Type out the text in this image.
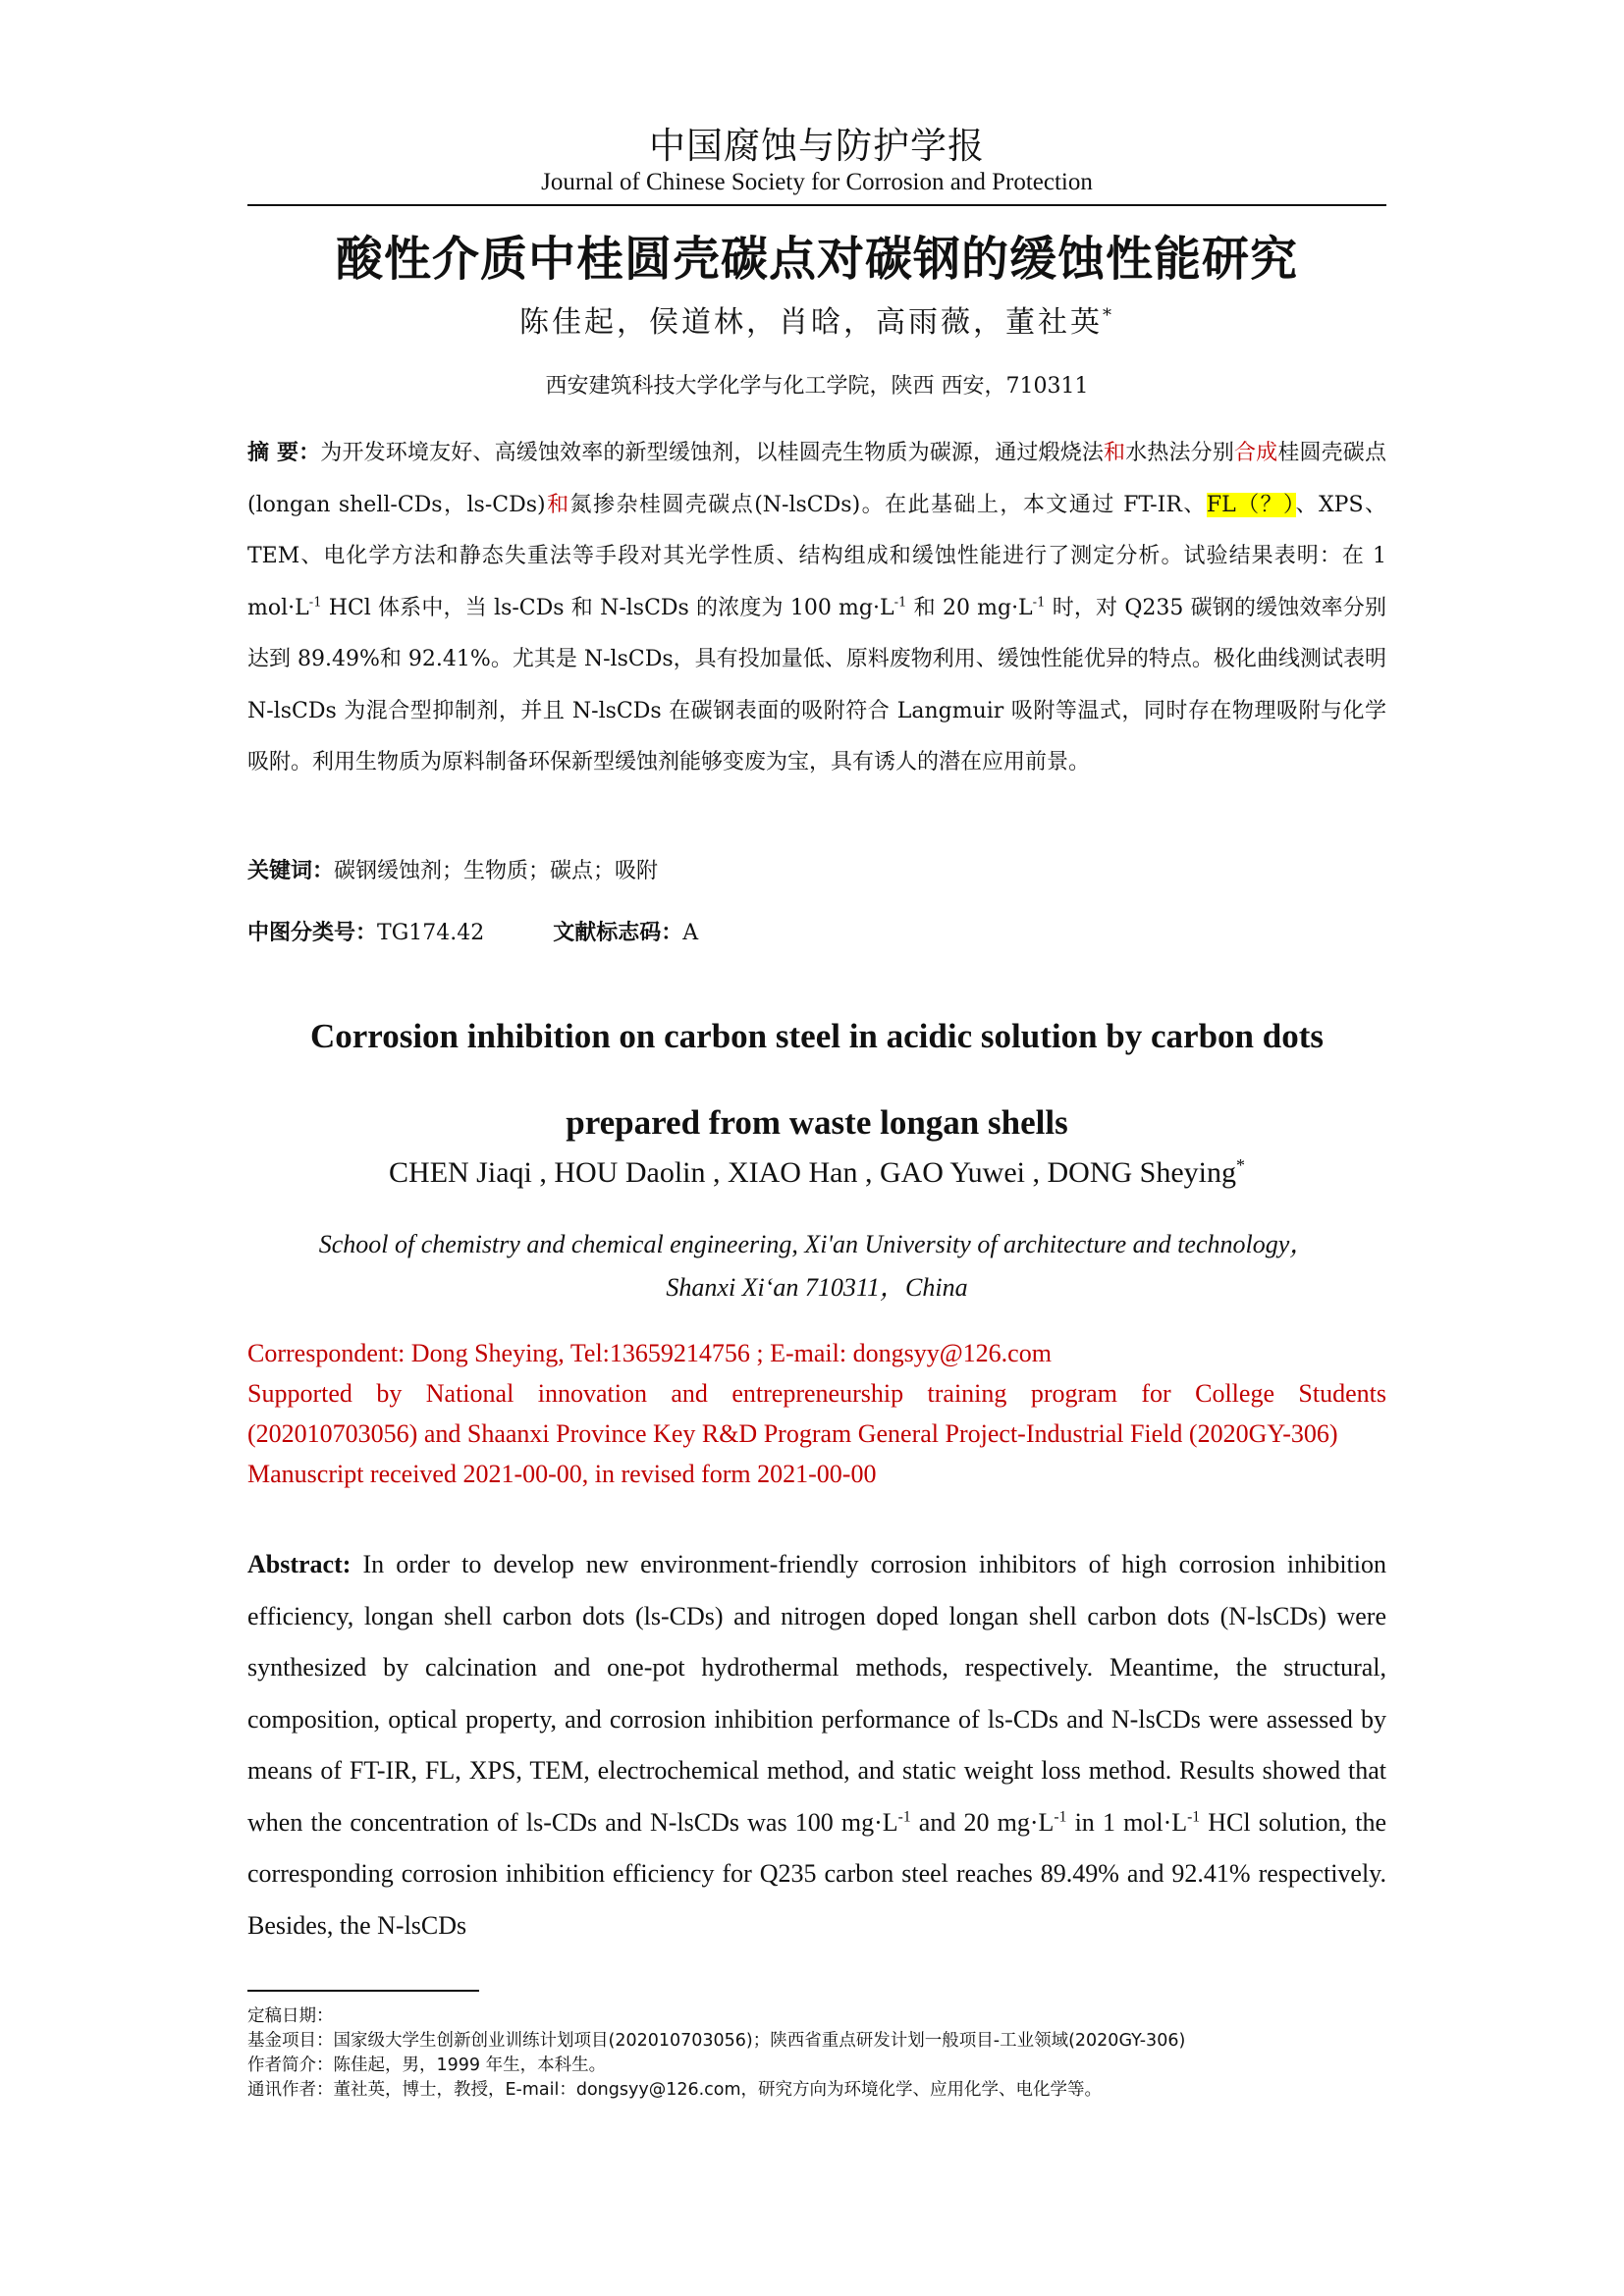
中国腐蚀与防护学报
Journal of Chinese Society for Corrosion and Protection
酸性介质中桂圆壳碳点对碳钢的缓蚀性能研究
陈佳起，侯道林，肖晗，高雨薇，董社英*
西安建筑科技大学化学与化工学院，陕西 西安，710311
摘 要：为开发环境友好、高缓蚀效率的新型缓蚀剂，以桂圆壳生物质为碳源，通过煅烧法和水热法分别合成桂圆壳碳点(longan shell-CDs，ls-CDs)和氮掺杂桂圆壳碳点(N-lsCDs)。在此基础上，本文通过 FT-IR、FL（？）、XPS、TEM、电化学方法和静态失重法等手段对其光学性质、结构组成和缓蚀性能进行了测定分析。试验结果表明：在 1 $mol\cdot L^{-1}$ HCl 体系中，当 ls-CDs 和 N-lsCDs 的浓度为 100 $mg\cdot L^{-1}$ 和 20 $mg\cdot L^{-1}$ 时，对 Q235 碳钢的缓蚀效率分别达到 89.49%和 92.41%。尤其是 N-lsCDs，具有投加量低、原料废物利用、缓蚀性能优异的特点。极化曲线测试表明 N-lsCDs 为混合型抑制剂，并且 N-lsCDs 在碳钢表面的吸附符合 Langmuir 吸附等温式，同时存在物理吸附与化学吸附。利用生物质为原料制备环保新型缓蚀剂能够变废为宝，具有诱人的潜在应用前景。
关键词：碳钢缓蚀剂；生物质；碳点；吸附
中图分类号：TG174.42	文献标志码：A
Corrosion inhibition on carbon steel in acidic solution by carbon dots prepared from waste longan shells
CHEN Jiaqi , HOU Daolin , XIAO Han , GAO Yuwei , DONG Sheying*
School of chemistry and chemical engineering, Xi'an University of architecture and technology，
Shanxi Xi‘an 710311，China
Correspondent: Dong Sheying, Tel:13659214756 ; E-mail: dongsyy@126.com
Supported by National innovation and entrepreneurship training program for College Students (202010703056) and Shaanxi Province Key R&D Program General Project-Industrial Field (2020GY-306)
Manuscript received 2021-00-00, in revised form 2021-00-00
Abstract: In order to develop new environment-friendly corrosion inhibitors of high corrosion inhibition efficiency, longan shell carbon dots (ls-CDs) and nitrogen doped longan shell carbon dots (N-lsCDs) were synthesized by calcination and one-pot hydrothermal methods, respectively. Meantime, the structural, composition, optical property, and corrosion inhibition performance of ls-CDs and N-lsCDs were assessed by means of FT-IR, FL, XPS, TEM, electrochemical method, and static weight loss method. Results showed that when the concentration of ls-CDs and N-lsCDs was 100 $mg\cdot L^{-1}$ and 20 $mg\cdot L^{-1}$ in 1 $mol\cdot L^{-1}$ HCl solution, the corresponding corrosion inhibition efficiency for Q235 carbon steel reaches 89.49% and 92.41% respectively. Besides, the N-lsCDs
定稿日期：
基金项目：国家级大学生创新创业训练计划项目(202010703056)；陕西省重点研发计划一般项目-工业领域(2020GY-306)
作者简介：陈佳起，男，1999 年生，本科生。
通讯作者：董社英，博士，教授，E-mail：dongsyy@126.com，研究方向为环境化学、应用化学、电化学等。
